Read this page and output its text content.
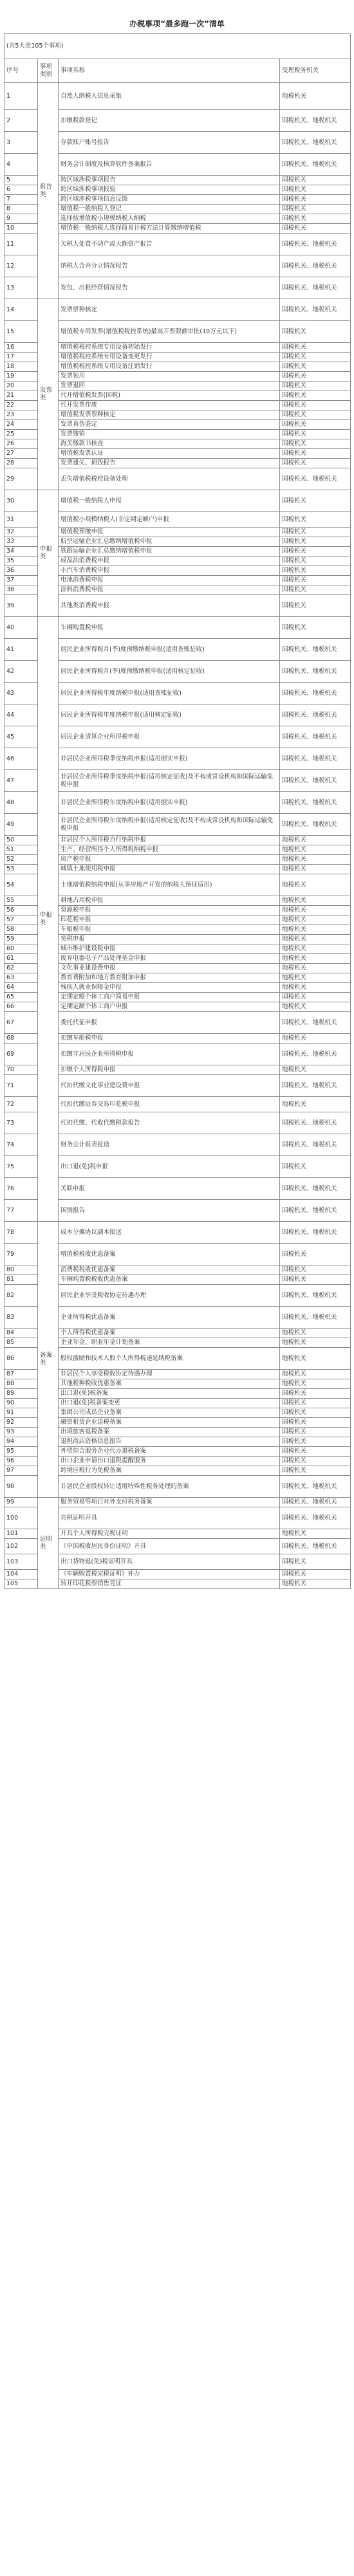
办税事项“最多跑一次”清单
(共5大类105个事项)			
序号	事项类别	事项名称	受理税务机关
1	报告类	自然人纳税人信息采集	地税机关
2		扣缴税款登记	国税机关、地税机关
3		存款账户账号报告	国税机关、地税机关
4		财务会计制度及核算软件备案报告	国税机关、地税机关
5		跨区域涉税事项报告	国税机关
6		跨区域涉税事项报验	国税机关
7		跨区域涉税事项信息反馈	国税机关
8		增值税一般纳税人登记	国税机关
9		选择按增值税小规模纳税人纳税	国税机关
10		增值税一般纳税人选择简易计税方法计算缴纳增值税	国税机关
11		欠税人处置不动产或大额资产报告	国税机关、地税机关
12		纳税人合并分立情况报告	国税机关、地税机关
13		发包、出租经营情况报告	国税机关、地税机关
14	发票类	发票票种核定	国税机关、地税机关
15		增值税专用发票(增值税税控系统)最高开票限额审批(10万元以下)	国税机关
16		增值税税控系统专用设备初始发行	国税机关
17		增值税税控系统专用设备变更发行	国税机关
18		增值税税控系统专用设备注销发行	国税机关
19		发票领用	国税机关
20		发票退回	国税机关
21		代开增值税发票(国税)	国税机关
22		代开发票作废	国税机关
23		增值税发票票种核定	国税机关
24		发票真伪鉴定	国税机关
25		发票缴销	国税机关
26		海关缴款书核查	国税机关
27		增值税发票认证	国税机关
28		发票遗失、损毁报告	国税机关
29		丢失增值税税控设备处理	国税机关、地税机关
30	申报类	增值税一般纳税人申报	国税机关
31		增值税小规模纳税人(非定期定额户)申报	国税机关
32		增值税预缴申报	国税机关
33		航空运输企业汇总缴纳增值税申报	国税机关
34		铁路运输企业汇总缴纳增值税申报	国税机关
35		成品油消费税申报	国税机关
36		小汽车消费税申报	国税机关
37		电池消费税申报	国税机关
38		涂料消费税申报	国税机关
39		其他类消费税申报	国税机关
40	申报类	车辆购置税申报	国税机关
41		居民企业所得税月(季)度预缴纳税申报(适用查账征收)	国税机关、地税机关
42		居民企业所得税月(季)度预缴纳税申报(适用核定征收)	国税机关、地税机关
43		居民企业所得税年度纳税申报(适用查账征收)	国税机关、地税机关
44		居民企业所得税年度纳税申报(适用核定征收)	国税机关、地税机关
45		居民企业清算企业所得税申报	国税机关、地税机关
46		非居民企业所得税季度纳税申报(适用据实申报)	国税机关、地税机关
47		非居民企业所得税季度纳税申报(适用核定征收)及不构成常设机构和国际运输免税申报	国税机关、地税机关
48		非居民企业所得税年度纳税申报(适用据实申报)	国税机关、地税机关
49		非居民企业所得税年度纳税申报(适用核定征收)及不构成常设机构和国际运输免税申报	国税机关、地税机关
50		非居民个人所得税自行纳税申报	地税机关
51		生产、经营所得个人所得税纳税申报	地税机关
52		房产税申报	地税机关
53		城镇土地使用税申报	地税机关
54		土地增值税纳税申报(从事房地产开发的纳税人预征适用)	地税机关
55		耕地占用税申报	地税机关
56		资源税申报	地税机关
57		印花税申报	地税机关
58		车船税申报	地税机关
59		契税申报	地税机关
60		城市维护建设税申报	地税机关
61		废弃电器电子产品处理基金申报	地税机关
62		文化事业建设费申报	地税机关
63		教育费附加和地方教育附加申报	地税机关
64		残疾人就业保障金申报	地税机关
65		定期定额个体工商户简易申报	国税机关
66		定期定额个体工商户申报	地税机关
67		委托代征申报	国税机关、地税机关
68		扣缴车船税申报	地税机关
69		扣缴非居民企业所得税申报	国税机关、地税机关
70		扣缴个人所得税申报	地税机关
71		代扣代缴文化事业建设费申报	国税机关、地税机关
72		代扣代缴证券交易印花税申报	地税机关
73		代扣代缴、代收代缴税款报告	国税机关、地税机关
74		财务会计报表报送	国税机关、地税机关
75		出口退(免)税申报	国税机关
76		关联申报	国税机关、地税机关
77		国别报告	国税机关、地税机关
78	备案类	成本分摊协议副本报送	国税机关、地税机关
79		增值税税收优惠备案	国税机关
80		消费税税收优惠备案	国税机关
81		车辆购置税税收优惠备案	国税机关
82		居民企业享受税收协定待遇办理	国税机关、地税机关
83		企业所得税优惠备案	国税机关、地税机关
84		个人所得税优惠备案	地税机关
85		企业年金、职业年金计划备案	地税机关
86		股权激励和技术入股个人所得税递延纳税备案	地税机关
87		非居民个人享受税收协定待遇办理	地税机关
88		其他税种税收优惠备案	地税机关
89		出口退(免)税备案	国税机关
90		出口退(免)税备案变更	国税机关
91		集团公司成员企业备案	国税机关
92		融资租赁企业退税备案	国税机关
93		出境旅客退税备案	国税机关
94		退税商店资格信息报告	国税机关
95		外贸综合服务企业代办退税备案	国税机关
96		出口企业申请出口退税提醒服务	国税机关
97		跨境应税行为免税备案	国税机关
98		非居民企业股权转让适用特殊性税务处理的备案	国税机关、地税机关
99	证明类	服务贸易等项目对外支付税务备案	国税机关、地税机关
100		完税证明开具	国税机关、地税机关
101		开具个人所得税完税证明	地税机关
102		《中国税收居民身份证明》开具	国税机关、地税机关
103		出口货物退(免)税证明开具	国税机关
104		《车辆购置税完税证明》补办	国税机关
105		转开印花税票销售凭证	地税机关
